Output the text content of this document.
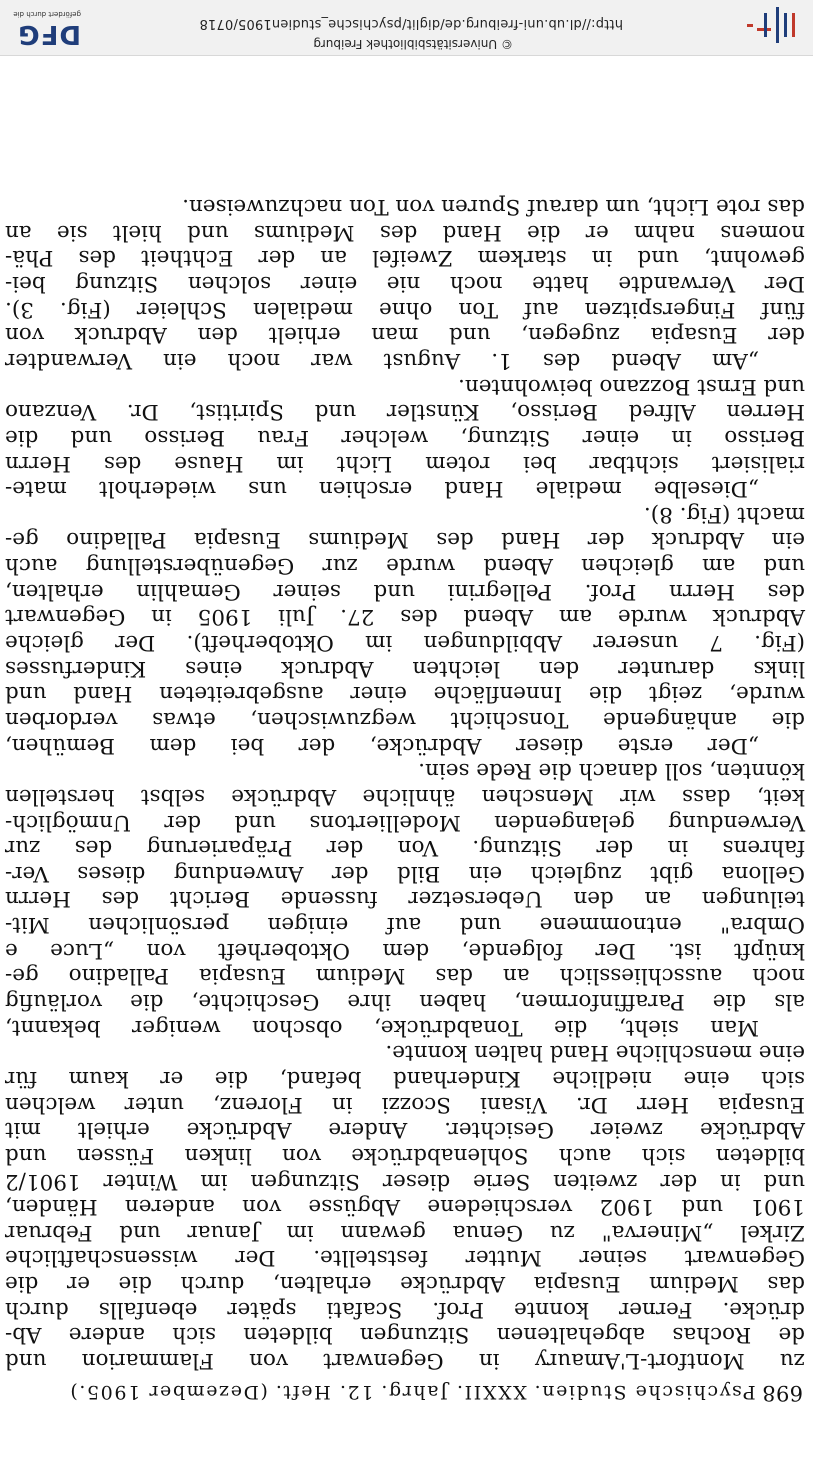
698 Psychische Studien. XXXII. Jahrg. 12. Heft. (Dezember 1905.)
zu Montfort-L'Amaury in Gegenwart von Flammarion und
de Rochas abgehaltenen Sitzungen bildeten sich andere Ab-
drücke. Ferner konnte Prof. Scafati später ebenfalls durch
das Medium Eusapia Abdrücke erhalten, durch die er die
Gegenwart seiner Mutter feststellte. Der wissenschaftliche
Zirkel „Minerva" zu Genua gewann im Januar und Februar
1901 und 1902 verschiedene Abgüsse von anderen Händen,
und in der zweiten Serie dieser Sitzungen im Winter 1901/2
bildeten sich auch Sohlenabdrücke von linken Füssen und
Abdrücke zweier Gesichter. Andere Abdrücke erhielt mit
Eusapia Herr Dr. Visani Scozzi in Florenz, unter welchen
sich eine niedliche Kinderhand befand, die er kaum für
eine menschliche Hand halten konnte.
Man sieht, die Tonabdrücke, obschon weniger bekannt,
als die Paraffinformen, haben ihre Geschichte, die vorläufig
noch ausschliesslich an das Medium Eusapia Palladino ge-
knüpft ist. Der folgende, dem Oktoberheft von „Luce e
Ombra" entnommene und auf einigen persönlichen Mit-
teilungen an den Uebersetzer fussende Bericht des Herrn
Gellona gibt zugleich ein Bild der Anwendung dieses Ver-
fahrens in der Sitzung. Von der Präparierung des zur
Verwendung gelangenden Modelliertons und der Unmöglich-
keit, dass wir Menschen ähnliche Abdrücke selbst herstellen
könnten, soll danach die Rede sein.
„Der erste dieser Abdrücke, der bei dem Bemühen,
die anhängende Tonschicht wegzuwischen, etwas verdorben
wurde, zeigt die Innenfläche einer ausgebreiteten Hand und
links darunter den leichten Abdruck eines Kinderfusses
(Fig. 7 unserer Abbildungen im Oktoberheft). Der gleiche
Abdruck wurde am Abend des 27. Juli 1905 in Gegenwart
des Herrn Prof. Pellegrini und seiner Gemahlin erhalten,
und am gleichen Abend wurde zur Gegenüberstellung auch
ein Abdruck der Hand des Mediums Eusapia Palladino ge-
macht (Fig. 8).
„Dieselbe mediale Hand erschien uns wiederholt mate-
rialisiert sichtbar bei rotem Licht im Hause des Herrn
Berisso in einer Sitzung, welcher Frau Berisso und die
Herren Alfred Berisso, Künstler und Spiritist, Dr. Venzano
und Ernst Bozzano beiwohnten.
„Am Abend des 1. August war noch ein Verwandter
der Eusapia zugegen, und man erhielt den Abdruck von
fünf Fingerspitzen auf Ton ohne medialen Schleier (Fig. 3).
Der Verwandte hatte noch nie einer solchen Sitzung bei-
gewohnt, und in starkem Zweifel an der Echtheit des Phä-
nomens nahm er die Hand des Mediums und hielt sie an
das rote Licht, um darauf Spuren von Ton nachzuweisen.
http://dl.ub.uni-freiburg.de/diglit/psychische_studien1905/0718
© Universitätsbibliothek Freiburg
DFG
gefördert durch die
